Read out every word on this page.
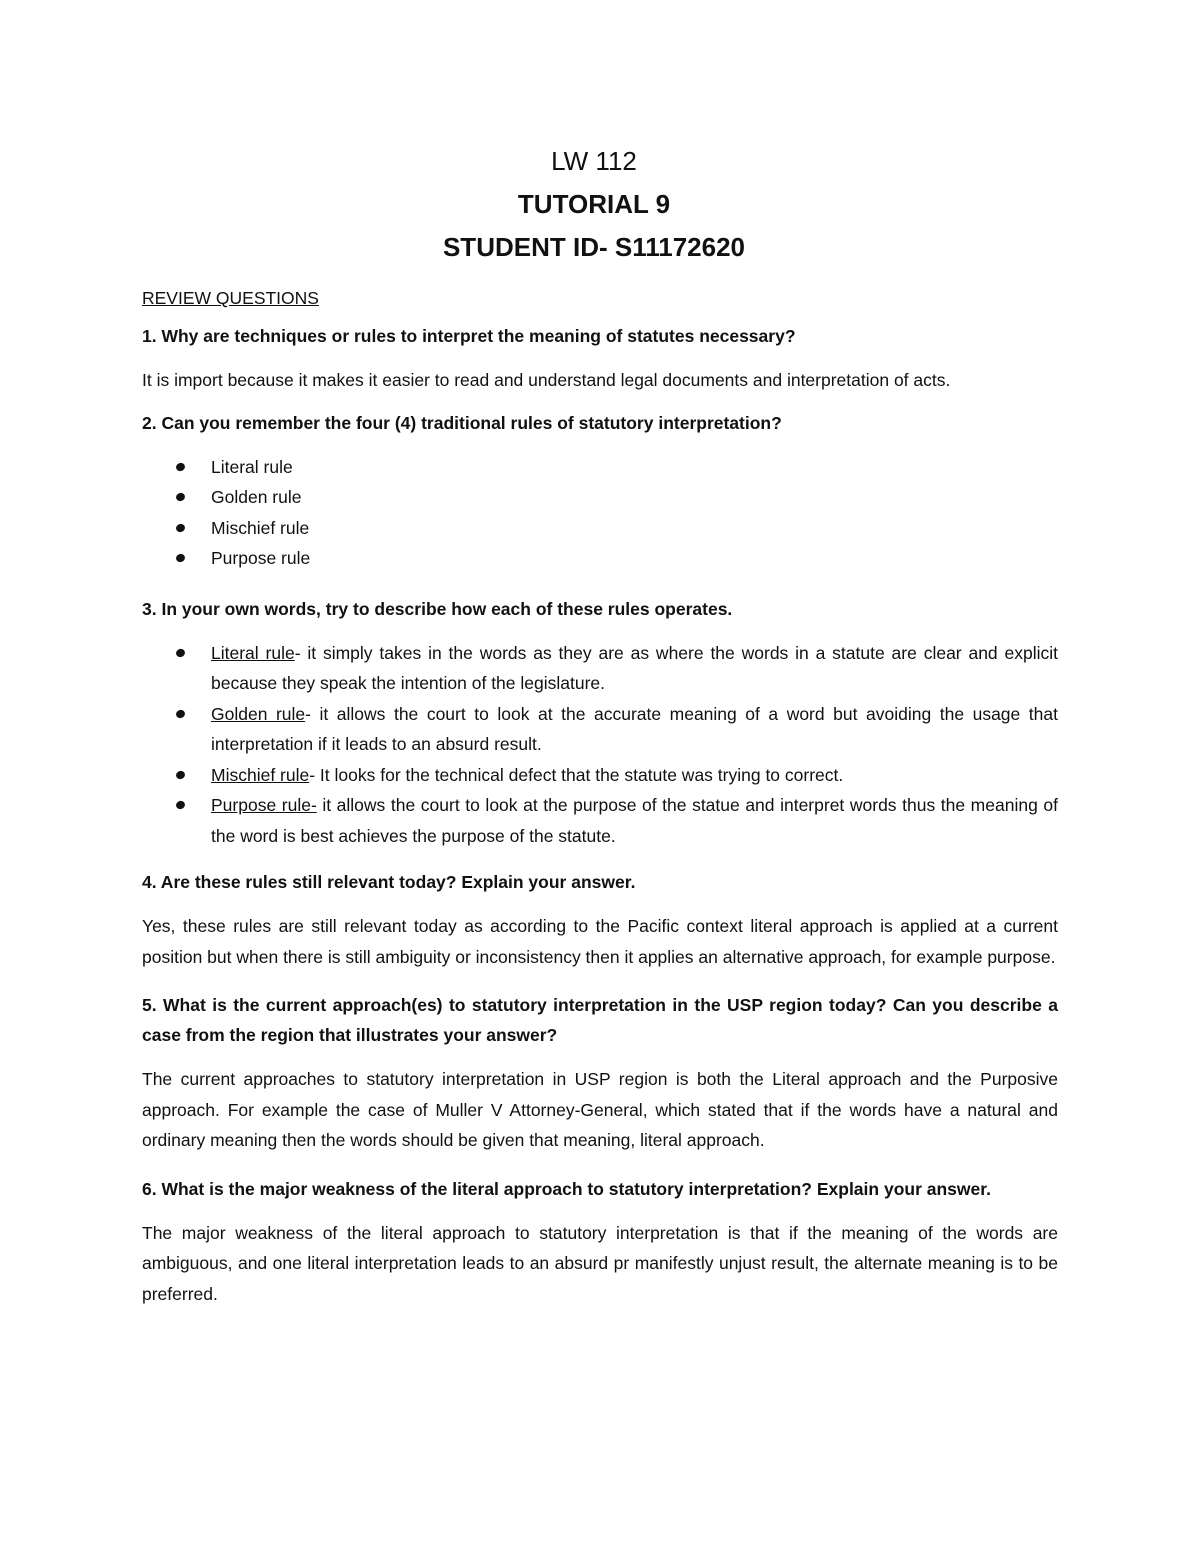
LW 112
TUTORIAL 9
STUDENT ID- S11172620
REVIEW QUESTIONS

1. Why are techniques or rules to interpret the meaning of statutes necessary?

It is import because it makes it easier to read and understand legal documents and interpretation of acts.

2. Can you remember the four (4) traditional rules of statutory interpretation?

Literal rule
Golden rule
Mischief rule
Purpose rule

3. In your own words, try to describe how each of these rules operates.

Literal rule- it simply takes in the words as they are as where the words in a statute are clear and explicit because they speak the intention of the legislature.
Golden rule- it allows the court to look at the accurate meaning of a word but avoiding the usage that interpretation if it leads to an absurd result.
Mischief rule- It looks for the technical defect that the statute was trying to correct.
Purpose rule- it allows the court to look at the purpose of the statue and interpret words thus the meaning of the word is best achieves the purpose of the statute.

4. Are these rules still relevant today? Explain your answer.

Yes, these rules are still relevant today as according to the Pacific context literal approach is applied at a current position but when there is still ambiguity or inconsistency then it applies an alternative approach, for example purpose.

5. What is the current approach(es) to statutory interpretation in the USP region today? Can you describe a case from the region that illustrates your answer?

The current approaches to statutory interpretation in USP region is both the Literal approach and the Purposive approach. For example the case of Muller V Attorney-General, which stated that if the words have a natural and ordinary meaning then the words should be given that meaning, literal approach.

6. What is the major weakness of the literal approach to statutory interpretation? Explain your answer.

The major weakness of the literal approach to statutory interpretation is that if the meaning of the words are ambiguous, and one literal interpretation leads to an absurd pr manifestly unjust result, the alternate meaning is to be preferred.
